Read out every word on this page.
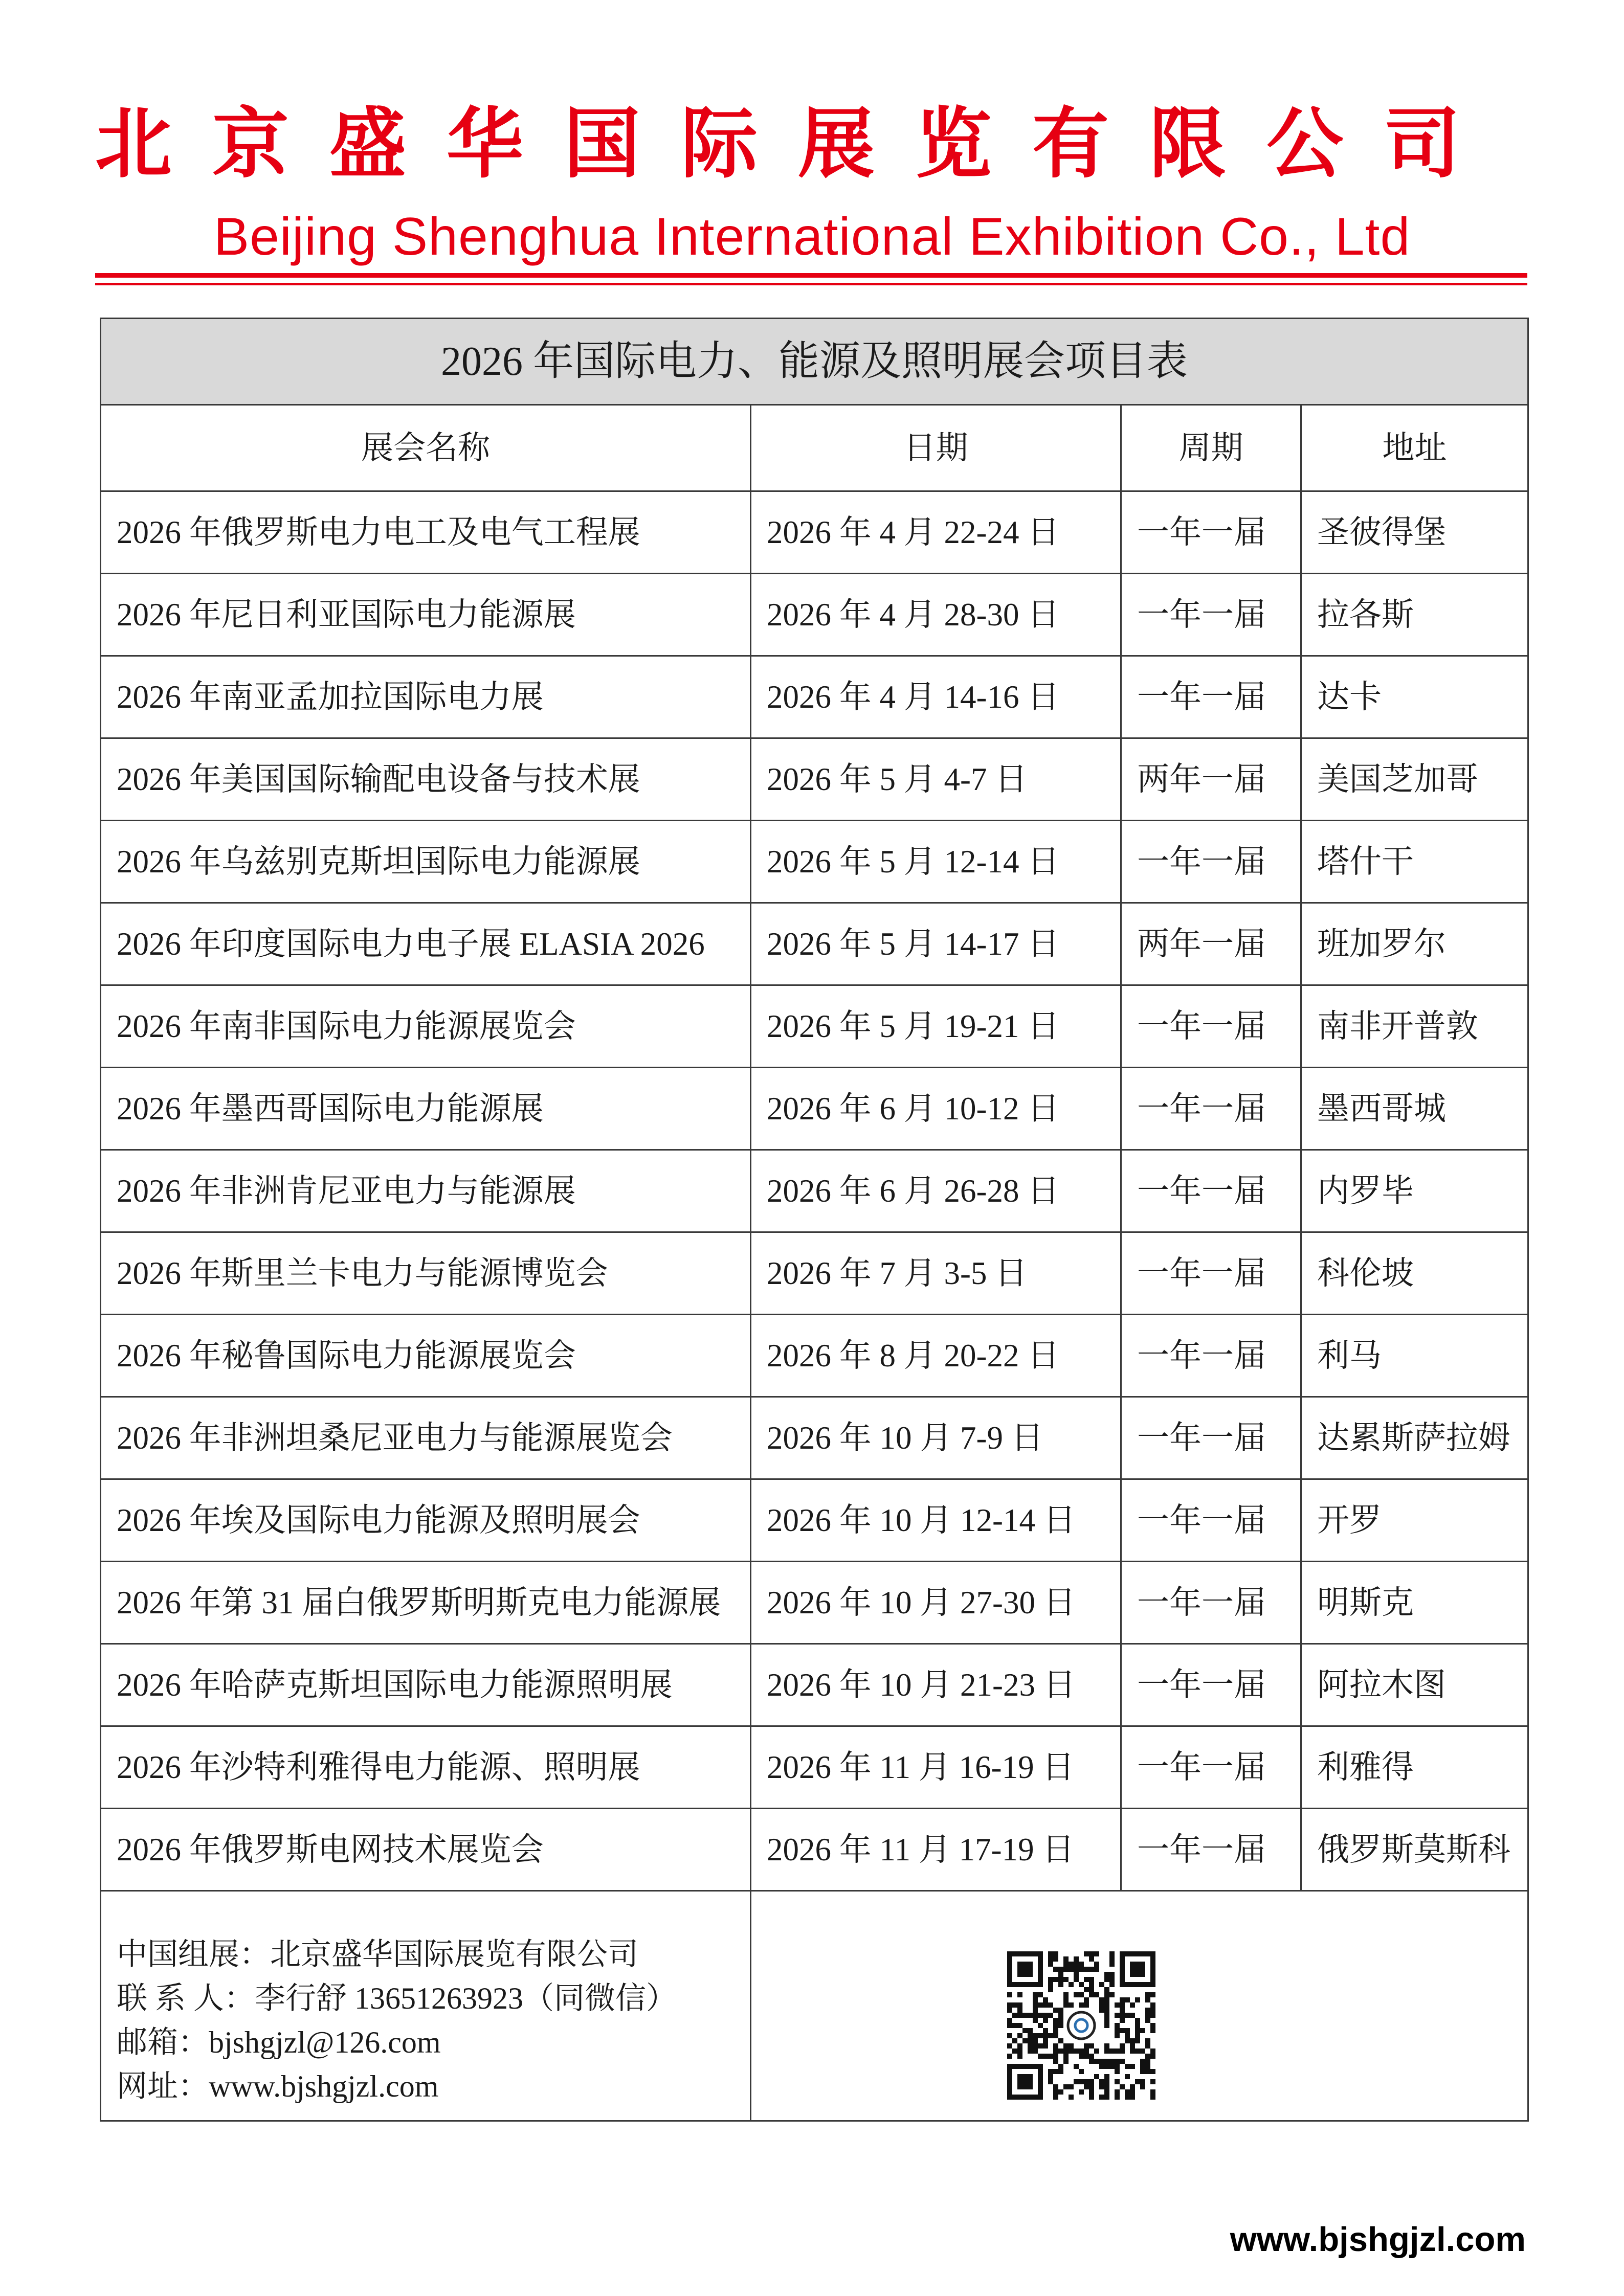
北京盛华国际展览有限公司
Beijing Shenghua International Exhibition Co., Ltd
2026 年国际电力、能源及照明展会项目表			
展会名称	日期	周期	地址
2026 年俄罗斯电力电工及电气工程展	2026 年 4 月 22-24 日	一年一届	圣彼得堡
2026 年尼日利亚国际电力能源展	2026 年 4 月 28-30 日	一年一届	拉各斯
2026 年南亚孟加拉国际电力展	2026 年 4 月 14-16 日	一年一届	达卡
2026 年美国国际输配电设备与技术展	2026 年 5 月 4-7 日	两年一届	美国芝加哥
2026 年乌兹别克斯坦国际电力能源展	2026 年 5 月 12-14 日	一年一届	塔什干
2026 年印度国际电力电子展 ELASIA 2026	2026 年 5 月 14-17 日	两年一届	班加罗尔
2026 年南非国际电力能源展览会	2026 年 5 月 19-21 日	一年一届	南非开普敦
2026 年墨西哥国际电力能源展	2026 年 6 月 10-12 日	一年一届	墨西哥城
2026 年非洲肯尼亚电力与能源展	2026 年 6 月 26-28 日	一年一届	内罗毕
2026 年斯里兰卡电力与能源博览会	2026 年 7 月 3-5 日	一年一届	科伦坡
2026 年秘鲁国际电力能源展览会	2026 年 8 月 20-22 日	一年一届	利马
2026 年非洲坦桑尼亚电力与能源展览会	2026 年 10 月 7-9 日	一年一届	达累斯萨拉姆
2026 年埃及国际电力能源及照明展会	2026 年 10 月 12-14 日	一年一届	开罗
2026 年第 31 届白俄罗斯明斯克电力能源展	2026 年 10 月 27-30 日	一年一届	明斯克
2026 年哈萨克斯坦国际电力能源照明展	2026 年 10 月 21-23 日	一年一届	阿拉木图
2026 年沙特利雅得电力能源、照明展	2026 年 11 月 16-19 日	一年一届	利雅得
2026 年俄罗斯电网技术展览会	2026 年 11 月 17-19 日	一年一届	俄罗斯莫斯科

中国组展：北京盛华国际展览有限公司
联 系 人：李行舒 13651263923（同微信）
邮箱：bjshgjzl@126.com
网址：www.bjshgjzl.com

www.bjshgjzl.com
